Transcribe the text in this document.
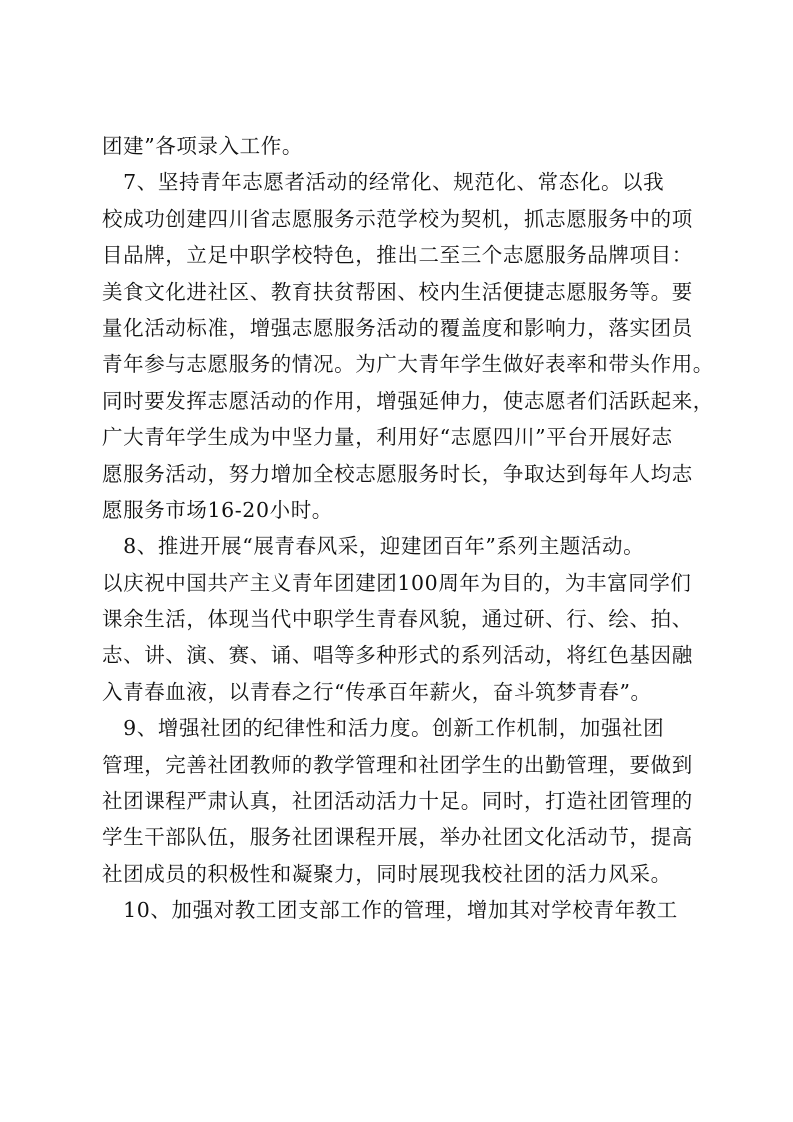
团建”各项录入工作。
　7、坚持青年志愿者活动的经常化、规范化、常态化。以我
校成功创建四川省志愿服务示范学校为契机，抓志愿服务中的项
目品牌，立足中职学校特色，推出二至三个志愿服务品牌项目：
美食文化进社区、教育扶贫帮困、校内生活便捷志愿服务等。要
量化活动标准，增强志愿服务活动的覆盖度和影响力，落实团员
青年参与志愿服务的情况。为广大青年学生做好表率和带头作用。
同时要发挥志愿活动的作用，增强延伸力，使志愿者们活跃起来，
广大青年学生成为中坚力量，利用好“志愿四川”平台开展好志
愿服务活动，努力增加全校志愿服务时长，争取达到每年人均志
愿服务市场16-20小时。
　8、推进开展“展青春风采，迎建团百年”系列主题活动。
以庆祝中国共产主义青年团建团100周年为目的，为丰富同学们
课余生活，体现当代中职学生青春风貌，通过研、行、绘、拍、
志、讲、演、赛、诵、唱等多种形式的系列活动，将红色基因融
入青春血液，以青春之行“传承百年薪火，奋斗筑梦青春”。
　9、增强社团的纪律性和活力度。创新工作机制，加强社团
管理，完善社团教师的教学管理和社团学生的出勤管理，要做到
社团课程严肃认真，社团活动活力十足。同时，打造社团管理的
学生干部队伍，服务社团课程开展，举办社团文化活动节，提高
社团成员的积极性和凝聚力，同时展现我校社团的活力风采。
　10、加强对教工团支部工作的管理，增加其对学校青年教工
